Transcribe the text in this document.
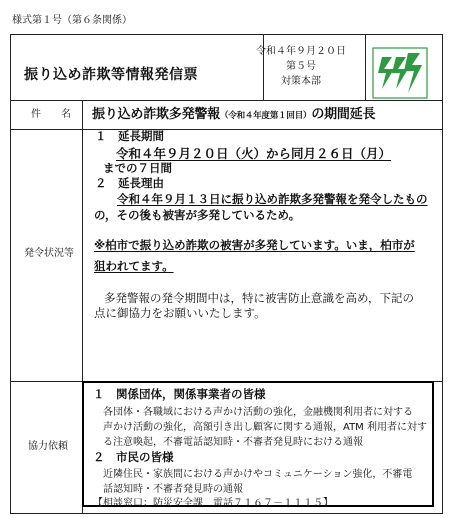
様式第１号（第６条関係）
振り込め詐欺等情報発信票
令和４年９月２０日
第５号
対策本部
件　　名 振り込め詐欺多発警報（令和４年度第１回目）の期間延長
発令状況等
１　延長期間
令和４年９月２０日（火）から同月２６日（月）
までの７日間
２　延長理由
令和４年９月１３日に振り込め詐欺多発警報を発令したもの
の，その後も被害が多発しているため。
※柏市で振り込め詐欺の被害が多発しています。いま，柏市が
狙われてます。
多発警報の発令期間中は，特に被害防止意識を高め，下記の
点に御協力をお願いいたします。
協力依頼
１　関係団体，関係事業者の皆様
各団体・各職域における声かけ活動の強化，金融機関利用者に対する
声かけ活動の強化，高額引き出し顧客に関する通報，ATM 利用者に対す
る注意喚起，不審電話認知時・不審者発見時における通報
２　市民の皆様
近隣住民・家族間における声かけやコミュニケーション強化，不審電
話認知時・不審者発見時の通報
【相談窓口：防災安全課　電話７１６７－１１１５】
